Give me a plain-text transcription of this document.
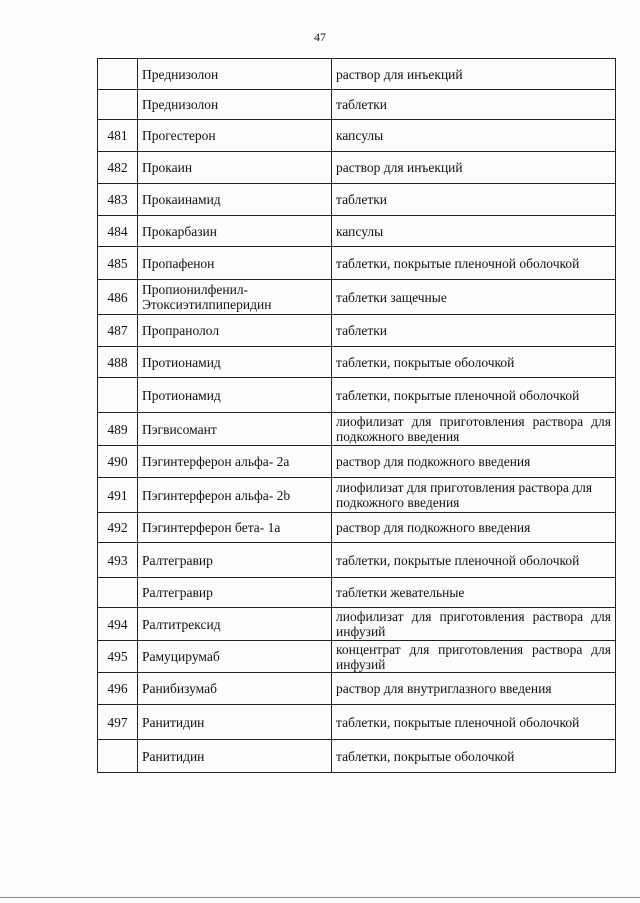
47
	Преднизолон	раствор для инъекций
	Преднизолон	таблетки
481	Прогестерон	капсулы
482	Прокаин	раствор для инъекций
483	Прокаинамид	таблетки
484	Прокарбазин	капсулы
485	Пропафенон	таблетки, покрытые пленочной оболочкой
486	Пропионилфенил-Этоксиэтилпиперидин	таблетки защечные
487	Пропранолол	таблетки
488	Протионамид	таблетки, покрытые оболочкой
	Протионамид	таблетки, покрытые пленочной оболочкой
489	Пэгвисомант	лиофилизат для приготовления раствора для подкожного введения
490	Пэгинтерферон альфа- 2a	раствор для подкожного введения
491	Пэгинтерферон альфа- 2b	лиофилизат для приготовления раствора для подкожного введения
492	Пэгинтерферон бета- 1a	раствор для подкожного введения
493	Ралтегравир	таблетки, покрытые пленочной оболочкой
	Ралтегравир	таблетки жевательные
494	Ралтитрексид	лиофилизат для приготовления раствора для инфузий
495	Рамуцирумаб	концентрат для приготовления раствора для инфузий
496	Ранибизумаб	раствор для внутриглазного введения
497	Ранитидин	таблетки, покрытые пленочной оболочкой
	Ранитидин	таблетки, покрытые оболочкой
